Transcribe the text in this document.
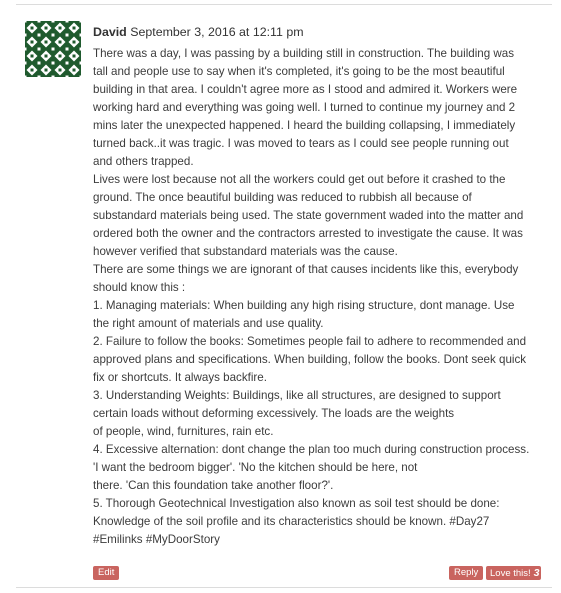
David September 3, 2016 at 12:11 pm
There was a day, I was passing by a building still in construction. The building was
tall and people use to say when it's completed, it's going to be the most beautiful
building in that area. I couldn't agree more as I stood and admired it. Workers were
working hard and everything was going well. I turned to continue my journey and 2
mins later the unexpected happened. I heard the building collapsing, I immediately
turned back..it was tragic. I was moved to tears as I could see people running out
and others trapped.
Lives were lost because not all the workers could get out before it crashed to the
ground. The once beautiful building was reduced to rubbish all because of
substandard materials being used. The state government waded into the matter and
ordered both the owner and the contractors arrested to investigate the cause. It was
however verified that substandard materials was the cause.
There are some things we are ignorant of that causes incidents like this, everybody
should know this :
1. Managing materials: When building any high rising structure, dont manage. Use
the right amount of materials and use quality.
2. Failure to follow the books: Sometimes people fail to adhere to recommended and
approved plans and specifications. When building, follow the books. Dont seek quick
fix or shortcuts. It always backfire.
3. Understanding Weights: Buildings, like all structures, are designed to support
certain loads without deforming excessively. The loads are the weights
of people, wind, furnitures, rain etc.
4. Excessive alternation: dont change the plan too much during construction process.
'I want the bedroom bigger'. 'No the kitchen should be here, not
there. 'Can this foundation take another floor?'.
5. Thorough Geotechnical Investigation also known as soil test should be done:
Knowledge of the soil profile and its characteristics should be known. #Day27
#Emilinks #MyDoorStory
Edit	Reply	Love this! 3
